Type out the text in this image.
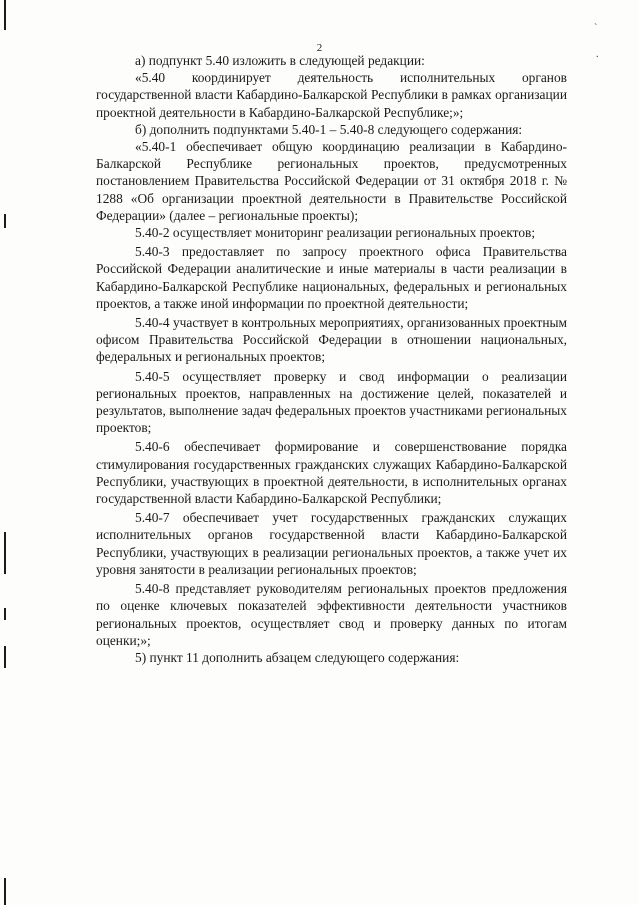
`
.
2

а) подпункт 5.40 изложить в следующей редакции:

«5.40 координирует деятельность исполнительных органов государственной власти Кабардино-Балкарской Республики в рамках организации проектной деятельности в Кабардино-Балкарской Республике;»;

б) дополнить подпунктами 5.40-1 – 5.40-8 следующего содержания:

«5.40-1 обеспечивает общую координацию реализации в Кабардино-Балкарской Республике региональных проектов, предусмотренных постановлением Правительства Российской Федерации от 31 октября 2018 г. № 1288 «Об организации проектной деятельности в Правительстве Российской Федерации» (далее – региональные проекты);

5.40-2 осуществляет мониторинг реализации региональных проектов;

5.40-3 предоставляет по запросу проектного офиса Правительства Российской Федерации аналитические и иные материалы в части реализации в Кабардино-Балкарской Республике национальных, федеральных и региональных проектов, а также иной информации по проектной деятельности;

5.40-4 участвует в контрольных мероприятиях, организованных проектным офисом Правительства Российской Федерации в отношении национальных, федеральных и региональных проектов;

5.40-5 осуществляет проверку и свод информации о реализации региональных проектов, направленных на достижение целей, показателей и результатов, выполнение задач федеральных проектов участниками региональных проектов;

5.40-6 обеспечивает формирование и совершенствование порядка стимулирования государственных гражданских служащих Кабардино-Балкарской Республики, участвующих в проектной деятельности, в исполнительных органах государственной власти Кабардино-Балкарской Республики;

5.40-7 обеспечивает учет государственных гражданских служащих исполнительных органов государственной власти Кабардино-Балкарской Республики, участвующих в реализации региональных проектов, а также учет их уровня занятости в реализации региональных проектов;

5.40-8 представляет руководителям региональных проектов предложения по оценке ключевых показателей эффективности деятельности участников региональных проектов, осуществляет свод и проверку данных по итогам оценки;»;

5) пункт 11 дополнить абзацем следующего содержания:
